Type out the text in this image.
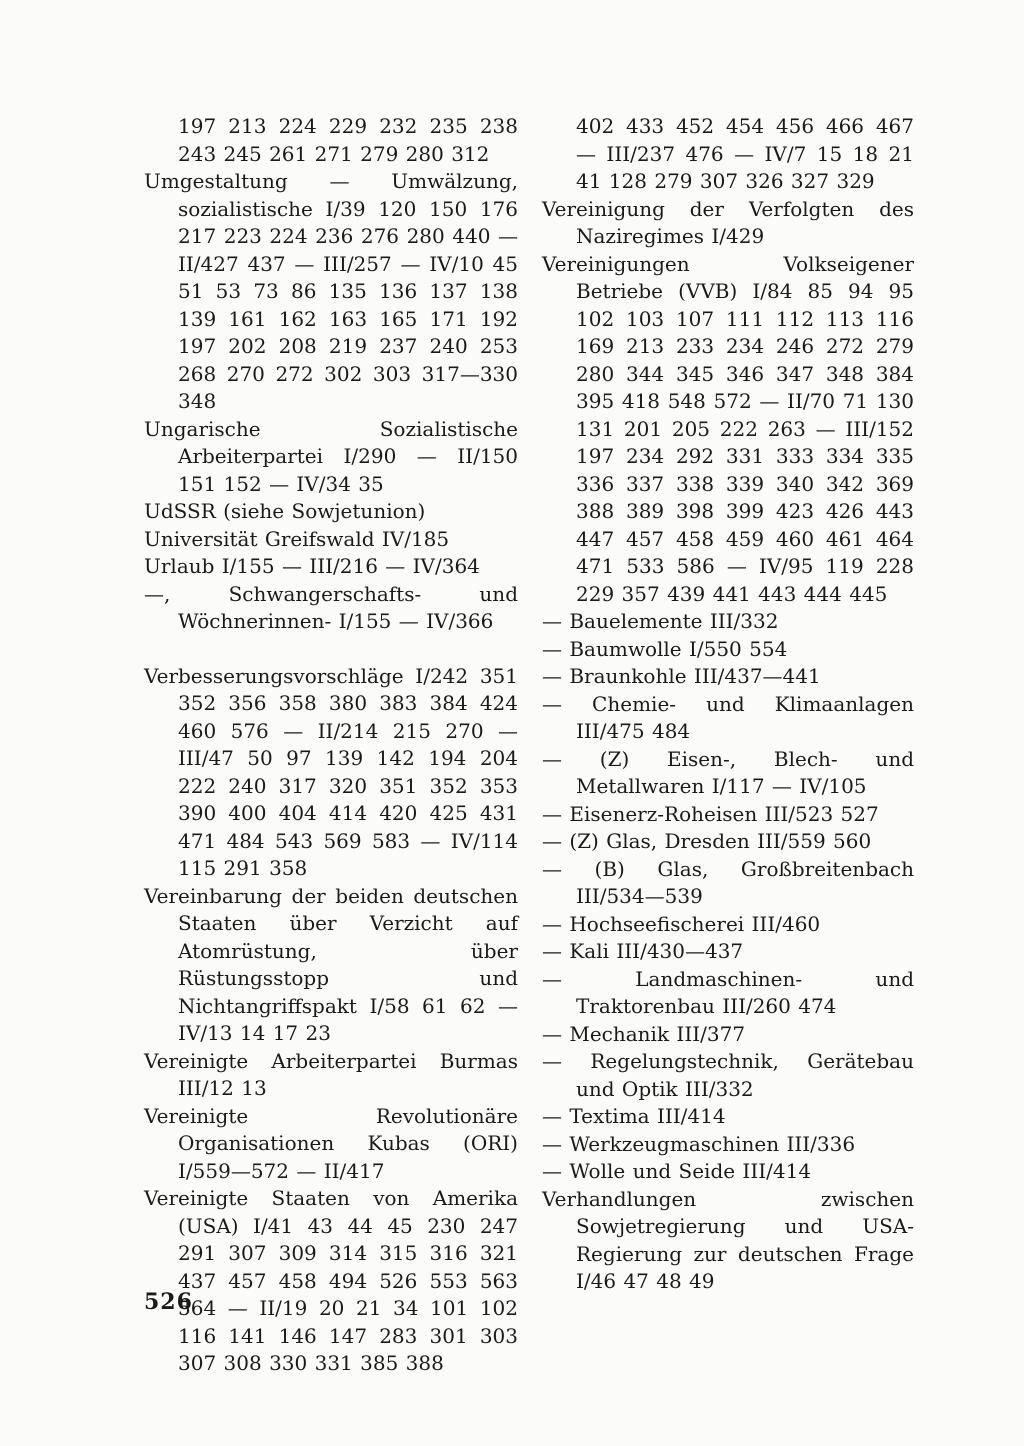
197 213 224 229 232 235 238 243 245 261 271 279 280 312
Umgestaltung — Umwälzung, sozialistische I/39 120 150 176 217 223 224 236 276 280 440 — II/427 437 — III/257 — IV/10 45 51 53 73 86 135 136 137 138 139 161 162 163 165 171 192 197 202 208 219 237 240 253 268 270 272 302 303 317—330 348
Ungarische Sozialistische Arbeiterpartei I/290 — II/150 151 152 — IV/34 35
UdSSR (siehe Sowjetunion)
Universität Greifswald IV/185
Urlaub I/155 — III/216 — IV/364
—, Schwangerschafts- und Wöchnerinnen- I/155 — IV/366
Verbesserungsvorschläge I/242 351 352 356 358 380 383 384 424 460 576 — II/214 215 270 — III/47 50 97 139 142 194 204 222 240 317 320 351 352 353 390 400 404 414 420 425 431 471 484 543 569 583 — IV/114 115 291 358
Vereinbarung der beiden deutschen Staaten über Verzicht auf Atomrüstung, über Rüstungsstopp und Nichtangriffspakt I/58 61 62 — IV/13 14 17 23
Vereinigte Arbeiterpartei Burmas III/12 13
Vereinigte Revolutionäre Organisationen Kubas (ORI) I/559—572 — II/417
Vereinigte Staaten von Amerika (USA) I/41 43 44 45 230 247 291 307 309 314 315 316 321 437 457 458 494 526 553 563 564 — II/19 20 21 34 101 102 116 141 146 147 283 301 303 307 308 330 331 385 388
402 433 452 454 456 466 467 — III/237 476 — IV/7 15 18 21 41 128 279 307 326 327 329
Vereinigung der Verfolgten des Naziregimes I/429
Vereinigungen Volkseigener Betriebe (VVB) I/84 85 94 95 102 103 107 111 112 113 116 169 213 233 234 246 272 279 280 344 345 346 347 348 384 395 418 548 572 — II/70 71 130 131 201 205 222 263 — III/152 197 234 292 331 333 334 335 336 337 338 339 340 342 369 388 389 398 399 423 426 443 447 457 458 459 460 461 464 471 533 586 — IV/95 119 228 229 357 439 441 443 444 445
— Bauelemente III/332
— Baumwolle I/550 554
— Braunkohle III/437—441
— Chemie- und Klimaanlagen III/475 484
— (Z) Eisen-, Blech- und Metallwaren I/117 — IV/105
— Eisenerz-Roheisen III/523 527
— (Z) Glas, Dresden III/559 560
— (B) Glas, Großbreitenbach III/534—539
— Hochseefischerei III/460
— Kali III/430—437
— Landmaschinen- und Traktorenbau III/260 474
— Mechanik III/377
— Regelungstechnik, Gerätebau und Optik III/332
— Textima III/414
— Werkzeugmaschinen III/336
— Wolle und Seide III/414
Verhandlungen zwischen Sowjetregierung und USA-Regierung zur deutschen Frage I/46 47 48 49
526
